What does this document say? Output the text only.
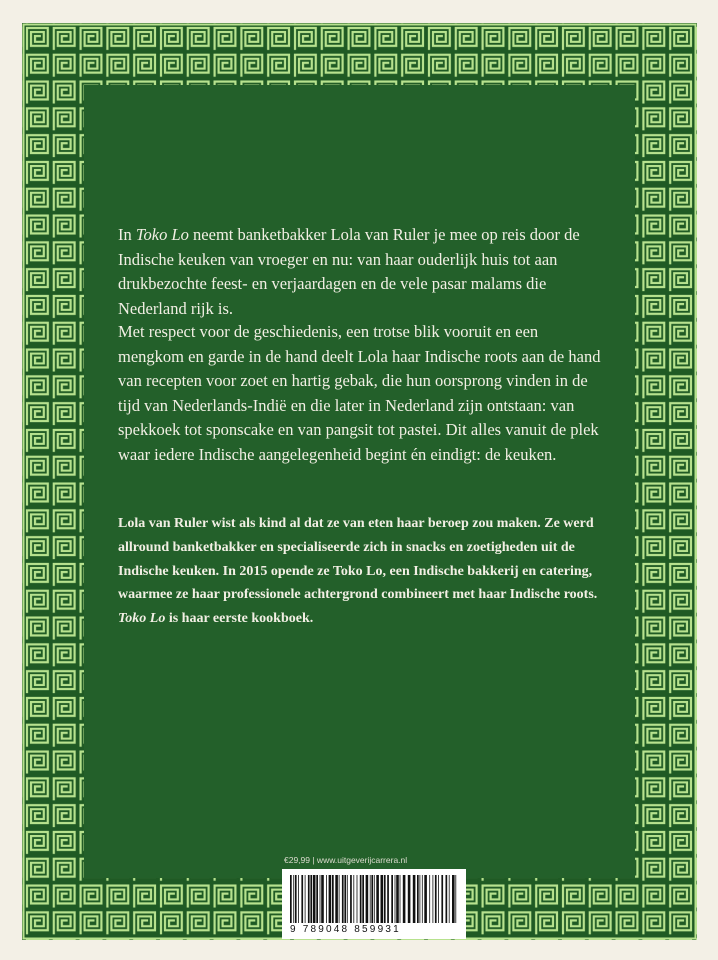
In Toko Lo neemt banketbakker Lola van Ruler je mee op reis door de Indische keuken van vroeger en nu: van haar ouderlijk huis tot aan drukbezochte feest- en verjaardagen en de vele pasar malams die Nederland rijk is.

Met respect voor de geschiedenis, een trotse blik vooruit en een mengkom en garde in de hand deelt Lola haar Indische roots aan de hand van recepten voor zoet en hartig gebak, die hun oorsprong vinden in de tijd van Nederlands-Indië en die later in Nederland zijn ontstaan: van spekkoek tot sponscake en van pangsit tot pastei. Dit alles vanuit de plek waar iedere Indische aangelegenheid begint én eindigt: de keuken.

Lola van Ruler wist als kind al dat ze van eten haar beroep zou maken. Ze werd allround banketbakker en specialiseerde zich in snacks en zoetigheden uit de Indische keuken. In 2015 opende ze Toko Lo, een Indische bakkerij en catering, waarmee ze haar professionele achtergrond combineert met haar Indische roots. Toko Lo is haar eerste kookboek.

€29,99 | www.uitgeverijcarrera.nl
9 789048 859931
